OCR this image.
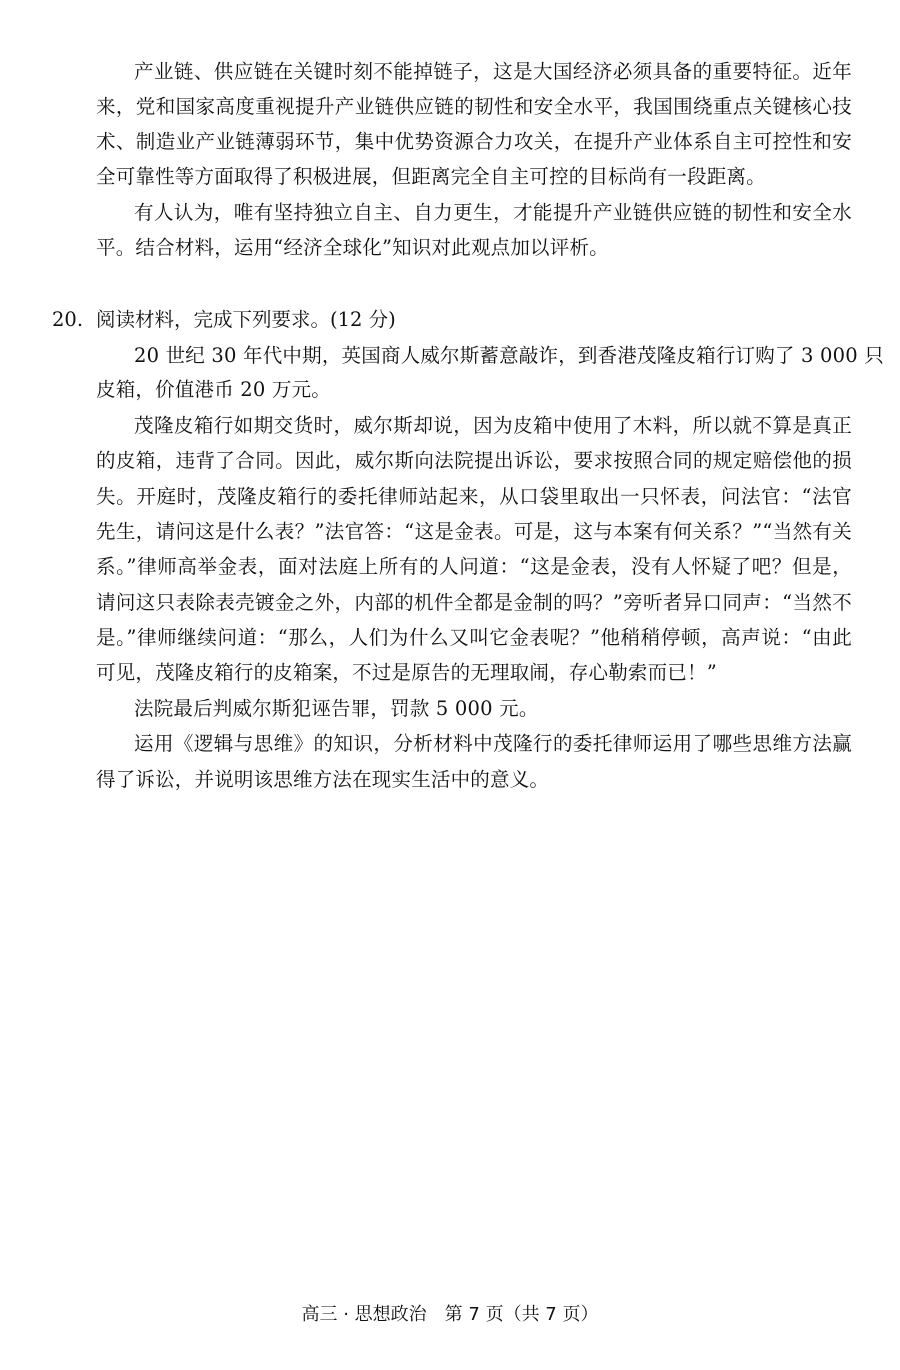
产业链、供应链在关键时刻不能掉链子，这是大国经济必须具备的重要特征。近年
来，党和国家高度重视提升产业链供应链的韧性和安全水平，我国围绕重点关键核心技
术、制造业产业链薄弱环节，集中优势资源合力攻关，在提升产业体系自主可控性和安
全可靠性等方面取得了积极进展，但距离完全自主可控的目标尚有一段距离。
有人认为，唯有坚持独立自主、自力更生，才能提升产业链供应链的韧性和安全水
平。结合材料，运用“经济全球化”知识对此观点加以评析。
20. 阅读材料，完成下列要求。(12 分)
20 世纪 30 年代中期，英国商人威尔斯蓄意敲诈，到香港茂隆皮箱行订购了 3 000 只
皮箱，价值港币 20 万元。
茂隆皮箱行如期交货时，威尔斯却说，因为皮箱中使用了木料，所以就不算是真正
的皮箱，违背了合同。因此，威尔斯向法院提出诉讼，要求按照合同的规定赔偿他的损
失。开庭时，茂隆皮箱行的委托律师站起来，从口袋里取出一只怀表，问法官：“法官
先生，请问这是什么表？”法官答：“这是金表。可是，这与本案有何关系？”“当然有关
系。”律师高举金表，面对法庭上所有的人问道：“这是金表，没有人怀疑了吧？但是，
请问这只表除表壳镀金之外，内部的机件全都是金制的吗？”旁听者异口同声：“当然不
是。”律师继续问道：“那么，人们为什么又叫它金表呢？”他稍稍停顿，高声说：“由此
可见，茂隆皮箱行的皮箱案，不过是原告的无理取闹，存心勒索而已！”
法院最后判威尔斯犯诬告罪，罚款 5 000 元。
运用《逻辑与思维》的知识，分析材料中茂隆行的委托律师运用了哪些思维方法赢
得了诉讼，并说明该思维方法在现实生活中的意义。
高三 · 思想政治　第 7 页（共 7 页）
